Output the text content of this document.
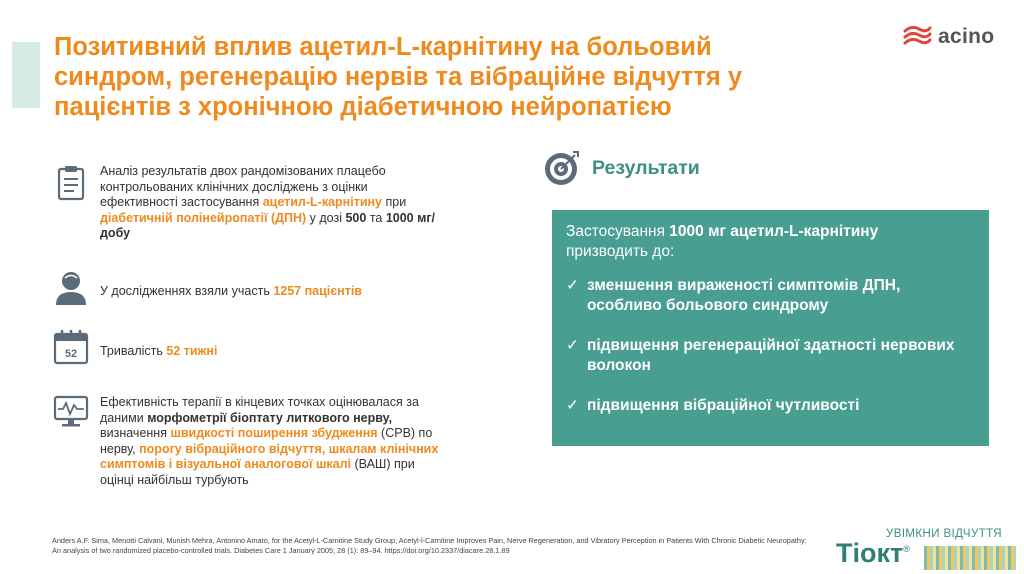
Позитивний вплив ацетил-L-карнітину на больовий
синдром, регенерацію нервів та вібраційне відчуття у
пацієнтів з хронічною діабетичною нейропатією
acino
Аналіз результатів двох рандомізованих плацебо контрольованих клінічних досліджень з оцінки ефективності застосування ацетил-L-карнітину при діабетичній полінейропатії (ДПН) у дозі 500 та 1000 мг/добу
У дослідженнях взяли участь 1257 пацієнтів
52 Тривалість 52 тижні
Ефективність терапії в кінцевих точках оцінювалася за даними морфометрії біоптату литкового нерву, визначення швидкості поширення збудження (СРВ) по нерву, порогу вібраційного відчуття, шкалам клінічних симптомів і візуальної аналогової шкалі (ВАШ) при оцінці найбільш турбують
Результати
Застосування 1000 мг ацетил-L-карнітину
призводить до:
✓ зменшення вираженості симптомів ДПН, особливо больового синдрому
✓ підвищення регенераційної здатності нервових волокон
✓ підвищення вібраційної чутливості
Anders A.F. Sima, Menotti Calvani, Munish Mehra, Antonino Amato, for the Acetyl-L-Carnitine Study Group; Acetyl-l-Carnitine Improves Pain, Nerve Regeneration, and Vibratory Perception in Patients With Chronic Diabetic Neuropathy: An analysis of two randomized placebo-controlled trials. Diabetes Care 1 January 2005; 28 (1): 89–94. https://doi.org/10.2337/diacare.28.1.89
УВІМКНИ ВІДЧУТТЯ
Тіокт®
